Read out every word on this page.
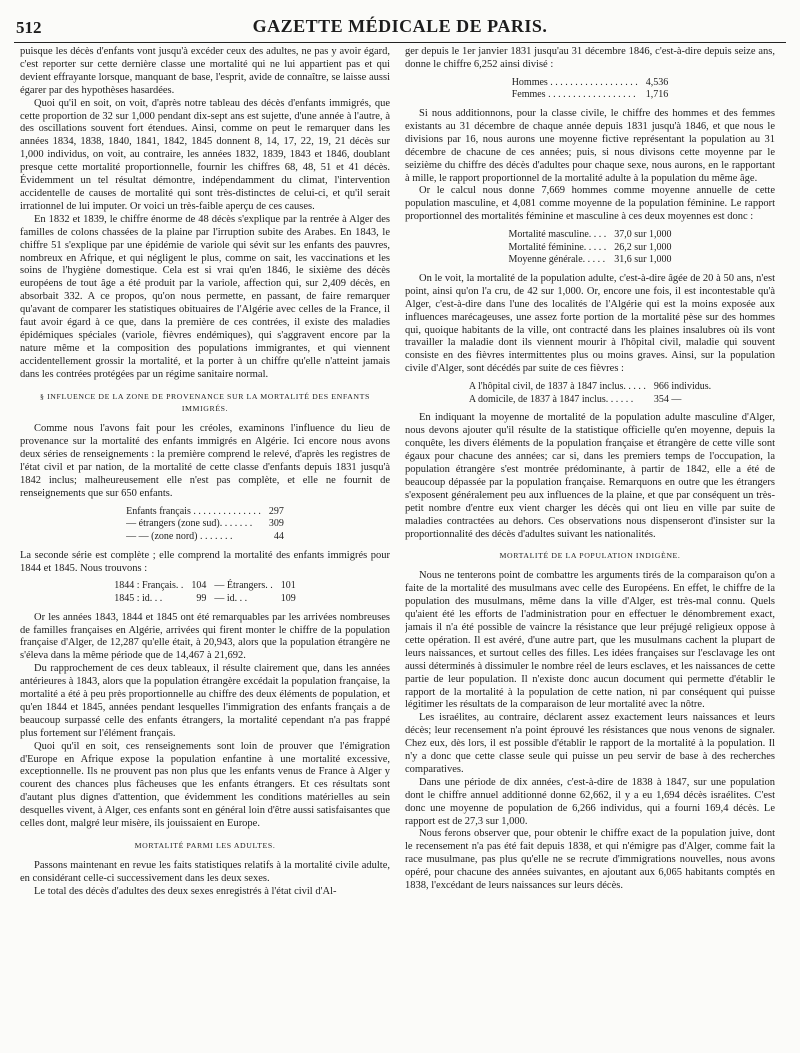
512	GAZETTE MÉDICALE DE PARIS.

puisque les décès d'enfants vont jusqu'à excéder ceux des adultes, ne pas y avoir égard, c'est reporter sur cette dernière classe une mortalité qui ne lui appartient pas et qui devient effrayante lorsque, manquant de base, l'esprit, avide de connaître, se laisse aussi égarer par des hypothèses hasardées.

Quoi qu'il en soit, on voit, d'après notre tableau des décès d'enfants immigrés, que cette proportion de 32 sur 1,000 pendant dix-sept ans est sujette, d'une année à l'autre, à des oscillations souvent fort étendues. Ainsi, comme on peut le remarquer dans les années 1834, 1838, 1840, 1841, 1842, 1845 donnent 8, 14, 17, 22, 19, 21 décès sur 1,000 individus, on voit, au contraire, les années 1832, 1839, 1843 et 1846, doublant presque cette mortalité proportionnelle, fournir les chiffres 68, 48, 51 et 41 décès. Évidemment un tel résultat démontre, indépendamment du climat, l'intervention accidentelle de causes de mortalité qui sont très-distinctes de celui-ci, et qu'il serait irrationnel de lui imputer. Or voici un très-faible aperçu de ces causes.

En 1832 et 1839, le chiffre énorme de 48 décès s'explique par la rentrée à Alger des familles de colons chassées de la plaine par l'irruption subite des Arabes. En 1843, le chiffre 51 s'explique par une épidémie de variole qui sévit sur les enfants des pauvres, nombreux en Afrique, et qui négligent le plus, comme on sait, les vaccinations et les soins de l'hygiène domestique. Cela est si vrai qu'en 1846, le sixième des décès européens de tout âge a été produit par la variole, affection qui, sur 2,409 décès, en absorbait 332. A ce propos, qu'on nous permette, en passant, de faire remarquer qu'avant de comparer les statistiques obituaires de l'Algérie avec celles de la France, il faut avoir égard à ce que, dans la première de ces contrées, il existe des maladies épidémiques spéciales (variole, fièvres endémiques), qui s'aggravent encore par la nature même et la composition des populations immigrantes, et qui viennent accidentellement grossir la mortalité, et la porter à un chiffre qu'elle n'atteint jamais dans les contrées protégées par un régime sanitaire normal.

§ INFLUENCE DE LA ZONE DE PROVENANCE SUR LA MORTALITÉ DES ENFANTS IMMIGRÉS.

Comme nous l'avons fait pour les créoles, examinons l'influence du lieu de provenance sur la mortalité des enfants immigrés en Algérie. Ici encore nous avons deux séries de renseignements : la première comprend le relevé, d'après les registres de l'état civil et par nation, de la mortalité de cette classe d'enfants depuis 1831 jusqu'à 1842 inclus; malheureusement elle n'est pas complète, et elle ne fournit de renseignements que sur 650 enfants.

Enfants français . . . . . . . . . . . . . .	297
— étrangers (zone sud). . . . . . .	309
— — (zone nord) . . . . . . .	44

La seconde série est complète ; elle comprend la mortalité des enfants immigrés pour 1844 et 1845. Nous trouvons :

1844 : Français. .	104	— Étrangers. .	101
1845 : id. . .	99	— id. . .	109

Or les années 1843, 1844 et 1845 ont été remarquables par les arrivées nombreuses de familles françaises en Algérie, arrivées qui firent monter le chiffre de la population française d'Alger, de 12,287 qu'elle était, à 20,943, alors que la population étrangère ne s'éleva dans la même période que de 14,467 à 21,692.

Du rapprochement de ces deux tableaux, il résulte clairement que, dans les années antérieures à 1843, alors que la population étrangère excédait la population française, la mortalité a été à peu près proportionnelle au chiffre des deux éléments de population, et qu'en 1844 et 1845, années pendant lesquelles l'immigration des enfants français a de beaucoup surpassé celle des enfants étrangers, la mortalité cependant n'a pas frappé plus fortement sur l'élément français.

Quoi qu'il en soit, ces renseignements sont loin de prouver que l'émigration d'Europe en Afrique expose la population enfantine à une mortalité excessive, exceptionnelle. Ils ne prouvent pas non plus que les enfants venus de France à Alger y courent des chances plus fâcheuses que les enfants étrangers. Et ces résultats sont d'autant plus dignes d'attention, que évidemment les conditions matérielles au sein desquelles vivent, à Alger, ces enfants sont en général loin d'être aussi satisfaisantes que celles dont, malgré leur misère, ils jouissaient en Europe.

MORTALITÉ PARMI LES ADULTES.

Passons maintenant en revue les faits statistiques relatifs à la mortalité civile adulte, en considérant celle-ci successivement dans les deux sexes.

Le total des décès d'adultes des deux sexes enregistrés à l'état civil d'Al-

ger depuis le 1er janvier 1831 jusqu'au 31 décembre 1846, c'est-à-dire depuis seize ans, donne le chiffre 6,252 ainsi divisé :

Hommes . . . . . . . . . . . . . . . . . .	4,536
Femmes . . . . . . . . . . . . . . . . . .	1,716

Si nous additionnons, pour la classe civile, le chiffre des hommes et des femmes existants au 31 décembre de chaque année depuis 1831 jusqu'à 1846, et que nous le divisions par 16, nous aurons une moyenne fictive représentant la population au 31 décembre de chacune de ces années; puis, si nous divisons cette moyenne par le seizième du chiffre des décès d'adultes pour chaque sexe, nous aurons, en le rapportant à mille, le rapport proportionnel de la mortalité adulte à la population du même âge.

Or le calcul nous donne 7,669 hommes comme moyenne annuelle de cette population masculine, et 4,081 comme moyenne de la population féminine. Le rapport proportionnel des mortalités féminine et masculine à ces deux moyennes est donc :

Mortalité masculine. . . .	37,0 sur 1,000
Mortalité féminine. . . . .	26,2 sur 1,000
Moyenne générale. . . . .	31,6 sur 1,000

On le voit, la mortalité de la population adulte, c'est-à-dire âgée de 20 à 50 ans, n'est point, ainsi qu'on l'a cru, de 42 sur 1,000. Or, encore une fois, il est incontestable qu'à Alger, c'est-à-dire dans l'une des localités de l'Algérie qui est la moins exposée aux influences marécageuses, une assez forte portion de la mortalité pèse sur des hommes qui, quoique habitants de la ville, ont contracté dans les plaines insalubres où ils vont travailler la maladie dont ils viennent mourir à l'hôpital civil, maladie qui souvent consiste en des fièvres intermittentes plus ou moins graves. Ainsi, sur la population civile d'Alger, sont décédés par suite de ces fièvres :

A l'hôpital civil, de 1837 à 1847 inclus. . . . .	966 individus.
A domicile, de 1837 à 1847 inclus. . . . . .	354 —

En indiquant la moyenne de mortalité de la population adulte masculine d'Alger, nous devons ajouter qu'il résulte de la statistique officielle qu'en moyenne, depuis la conquête, les divers éléments de la population française et étrangère de cette ville sont égaux pour chacune des années; car si, dans les premiers temps de l'occupation, la population étrangère s'est montrée prédominante, à partir de 1842, elle a été de beaucoup dépassée par la population française. Remarquons en outre que les étrangers s'exposent généralement peu aux influences de la plaine, et que par conséquent un très-petit nombre d'entre eux vient charger les décès qui ont lieu en ville par suite de maladies contractées au dehors. Ces observations nous dispenseront d'insister sur la proportionnalité des décès d'adultes suivant les nationalités.

MORTALITÉ DE LA POPULATION INDIGÈNE.

Nous ne tenterons point de combattre les arguments tirés de la comparaison qu'on a faite de la mortalité des musulmans avec celle des Européens. En effet, le chiffre de la population des musulmans, même dans la ville d'Alger, est très-mal connu. Quels qu'aient été les efforts de l'administration pour en effectuer le dénombrement exact, jamais il n'a été possible de vaincre la résistance que leur préjugé religieux oppose à cette opération. Il est avéré, d'une autre part, que les musulmans cachent la plupart de leurs naissances, et surtout celles des filles. Les idées françaises sur l'esclavage les ont aussi déterminés à dissimuler le nombre réel de leurs esclaves, et les naissances de cette partie de leur population. Il n'existe donc aucun document qui permette d'établir le rapport de la mortalité à la population de cette nation, ni par conséquent qui puisse légitimer les résultats de la comparaison de leur mortalité avec la nôtre.

Les israélites, au contraire, déclarent assez exactement leurs naissances et leurs décès; leur recensement n'a point éprouvé les résistances que nous venons de signaler. Chez eux, dès lors, il est possible d'établir le rapport de la mortalité à la population. Il n'y a donc que cette classe seule qui puisse un peu servir de base à des recherches comparatives.

Dans une période de dix années, c'est-à-dire de 1838 à 1847, sur une population dont le chiffre annuel additionné donne 62,662, il y a eu 1,694 décès israélites. C'est donc une moyenne de population de 6,266 individus, qui a fourni 169,4 décès. Le rapport est de 27,3 sur 1,000.

Nous ferons observer que, pour obtenir le chiffre exact de la population juive, dont le recensement n'a pas été fait depuis 1838, et qui n'émigre pas d'Alger, comme fait la race musulmane, pas plus qu'elle ne se recrute d'immigrations nouvelles, nous avons opéré, pour chacune des années suivantes, en ajoutant aux 6,065 habitants comptés en 1838, l'excédant de leurs naissances sur leurs décès.
